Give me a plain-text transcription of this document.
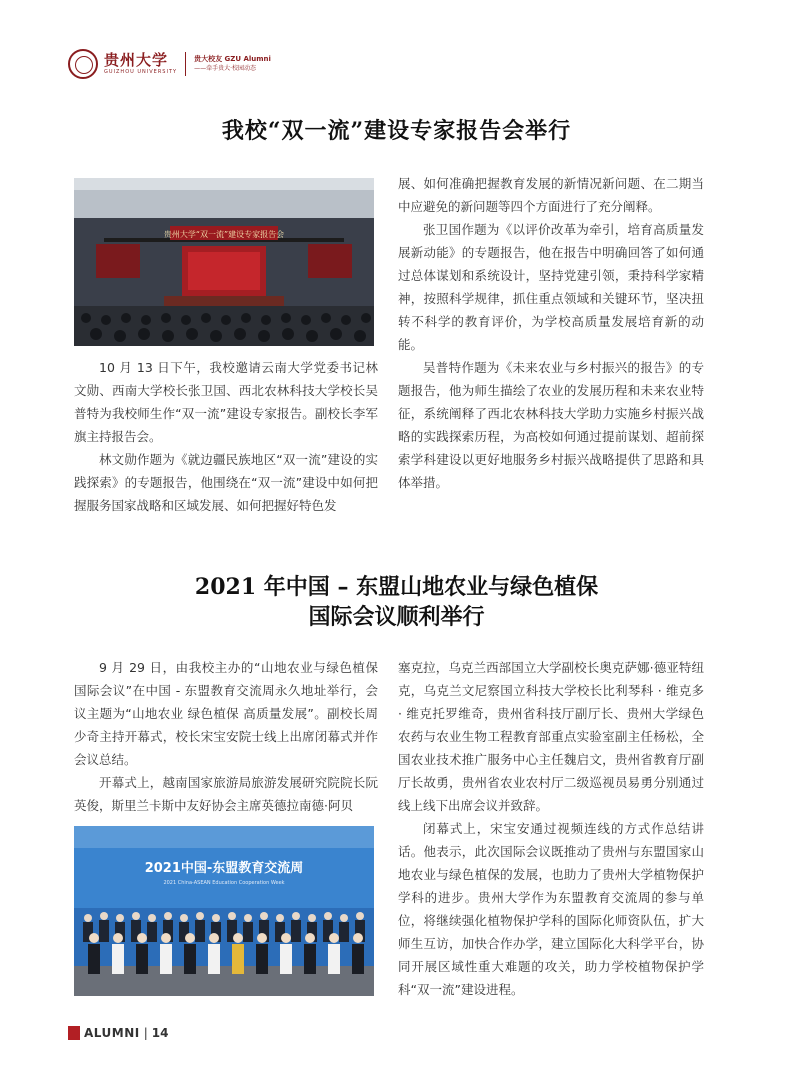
贵州大学
GUIZHOU UNIVERSITY
贵大校友 GZU Alumni
——牵手贵大·校园动态
我校“双一流”建设专家报告会举行
贵州大学“双一流”建设专家报告会

10 月 13 日下午，我校邀请云南大学党委书记林文勋、西南大学校长张卫国、西北农林科技大学校长吴普特为我校师生作“双一流”建设专家报告。副校长李军旗主持报告会。

林文勋作题为《就边疆民族地区“双一流”建设的实践探索》的专题报告，他围绕在“双一流”建设中如何把握服务国家战略和区域发展、如何把握好特色发

展、如何准确把握教育发展的新情况新问题、在二期当中应避免的新问题等四个方面进行了充分阐释。

张卫国作题为《以评价改革为牵引，培育高质量发展新动能》的专题报告，他在报告中明确回答了如何通过总体谋划和系统设计，坚持党建引领，秉持科学家精神，按照科学规律，抓住重点领域和关键环节，坚决扭转不科学的教育评价，为学校高质量发展培育新的动能。

吴普特作题为《未来农业与乡村振兴的报告》的专题报告，他为师生描绘了农业的发展历程和未来农业特征，系统阐释了西北农林科技大学助力实施乡村振兴战略的实践探索历程，为高校如何通过提前谋划、超前探索学科建设以更好地服务乡村振兴战略提供了思路和具体举措。

2021 年中国 – 东盟山地农业与绿色植保
国际会议顺利举行

9 月 29 日，由我校主办的“山地农业与绿色植保国际会议”在中国 - 东盟教育交流周永久地址举行，会议主题为“山地农业 绿色植保 高质量发展”。副校长周少奇主持开幕式，校长宋宝安院士线上出席闭幕式并作会议总结。

开幕式上，越南国家旅游局旅游发展研究院院长阮英俊，斯里兰卡斯中友好协会主席英德拉南德·阿贝

2021中国-东盟教育交流周
2021 China-ASEAN Education Cooperation Week

塞克拉，乌克兰西部国立大学副校长奥克萨娜·德亚特纽克，乌克兰文尼察国立科技大学校长比利琴科 · 维克多 · 维克托罗维奇，贵州省科技厅副厅长、贵州大学绿色农药与农业生物工程教育部重点实验室副主任杨松，全国农业技术推广服务中心主任魏启文，贵州省教育厅副厅长故勇，贵州省农业农村厅二级巡视员易勇分别通过线上线下出席会议并致辞。

闭幕式上，宋宝安通过视频连线的方式作总结讲话。他表示，此次国际会议既推动了贵州与东盟国家山地农业与绿色植保的发展，也助力了贵州大学植物保护学科的进步。贵州大学作为东盟教育交流周的参与单位，将继续强化植物保护学科的国际化师资队伍，扩大师生互访，加快合作办学，建立国际化大科学平台，协同开展区域性重大难题的攻关，助力学校植物保护学科“双一流”建设进程。

ALUMNI | 14
